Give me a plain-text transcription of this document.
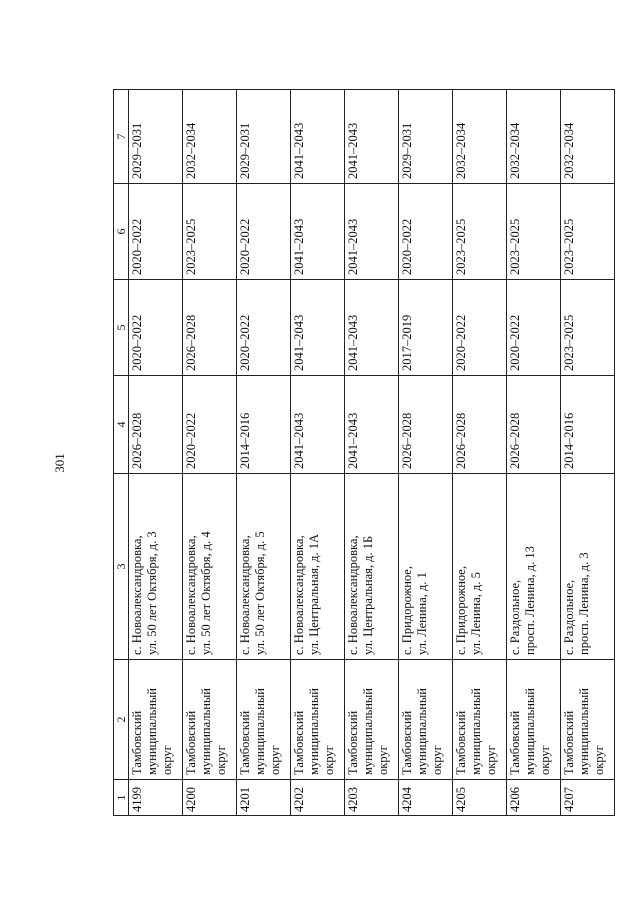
301
1	2	3	4	5	6	7
4199	Тамбовский муниципальный округ	с. Новоалександровка,
ул. 50 лет Октября, д. 3	2026–2028	2020–2022	2020–2022	2029–2031
4200	Тамбовский муниципальный округ	с. Новоалександровка,
ул. 50 лет Октября, д. 4	2020–2022	2026–2028	2023–2025	2032–2034
4201	Тамбовский муниципальный округ	с. Новоалександровка,
ул. 50 лет Октября, д. 5	2014–2016	2020–2022	2020–2022	2029–2031
4202	Тамбовский муниципальный округ	с. Новоалександровка,
ул. Центральная, д. 1А	2041–2043	2041–2043	2041–2043	2041–2043
4203	Тамбовский муниципальный округ	с. Новоалександровка,
ул. Центральная, д. 1Б	2041–2043	2041–2043	2041–2043	2041–2043
4204	Тамбовский муниципальный округ	с. Придорожное,
ул. Ленина, д. 1	2026–2028	2017–2019	2020–2022	2029–2031
4205	Тамбовский муниципальный округ	с. Придорожное,
ул. Ленина, д. 5	2026–2028	2020–2022	2023–2025	2032–2034
4206	Тамбовский муниципальный округ	с. Раздольное,
просп. Ленина, д. 13	2026–2028	2020–2022	2023–2025	2032–2034
4207	Тамбовский муниципальный округ	с. Раздольное,
просп. Ленина, д. 3	2014–2016	2023–2025	2023–2025	2032–2034
